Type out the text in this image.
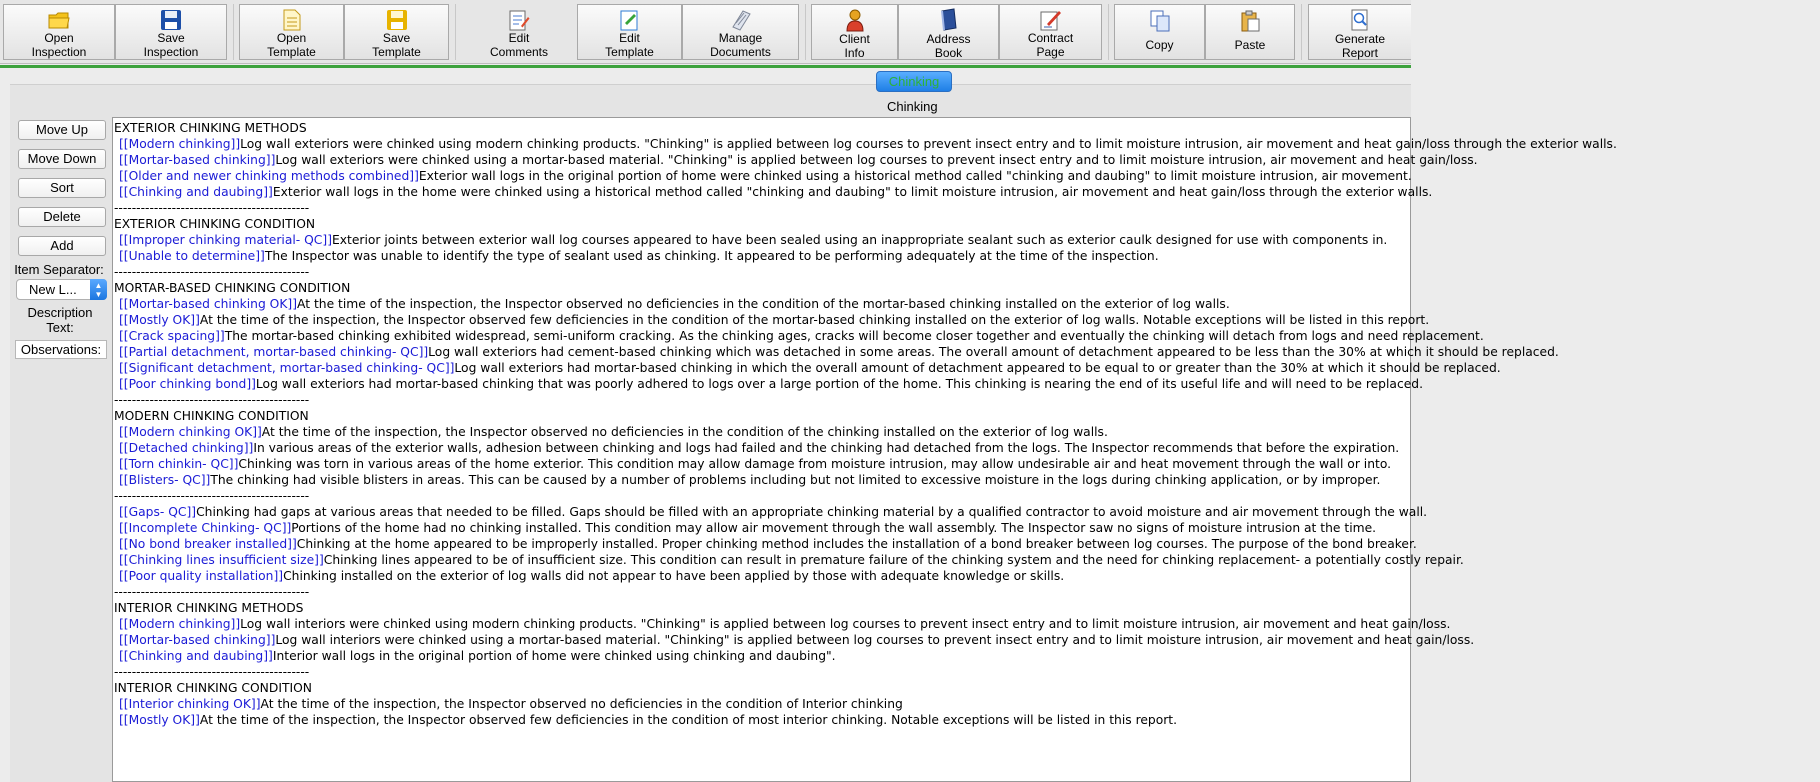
Open
Inspection
Save
Inspection
Open
Template
Save
Template
Edit
Comments
Edit
Template
Manage
Documents
Client
Info
Address
Book
Contract
Page	Copy	Paste	Generate
Report
Chinking
Chinking
Move Up
Move Down
Sort
Delete
Add
Item Separator:
New L...	▲
▼
Description
Text:
Observations:
EXTERIOR CHINKING METHODS
[[Modern chinking]]Log wall exteriors were chinked using modern chinking products. "Chinking" is applied between log courses to prevent insect entry and to limit moisture intrusion, air movement and heat gain/loss through the exterior walls.
[[Mortar-based chinking]]Log wall exteriors were chinked using a mortar-based material. "Chinking" is applied between log courses to prevent insect entry and to limit moisture intrusion, air movement and heat gain/loss.
[[Older and newer chinking methods combined]]Exterior wall logs in the original portion of home were chinked using a historical method called "chinking and daubing" to limit moisture intrusion, air movement.
[[Chinking and daubing]]Exterior wall logs in the home were chinked using a historical method called "chinking and daubing" to limit moisture intrusion, air movement and heat gain/loss through the exterior walls.
--------------------------------------------
EXTERIOR CHINKING CONDITION
[[Improper chinking material- QC]]Exterior joints between exterior wall log courses appeared to have been sealed using an inappropriate sealant such as exterior caulk designed for use with components in.
[[Unable to determine]]The Inspector was unable to identify the type of sealant used as chinking. It appeared to be performing adequately at the time of the inspection.
--------------------------------------------
MORTAR-BASED CHINKING CONDITION
[[Mortar-based chinking OK]]At the time of the inspection, the Inspector observed no deficiencies in the condition of the mortar-based chinking installed on the exterior of log walls.
[[Mostly OK]]At the time of the inspection, the Inspector observed few deficiencies in the condition of the mortar-based chinking installed on the exterior of log walls. Notable exceptions will be listed in this report.
[[Crack spacing]]The mortar-based chinking exhibited widespread, semi-uniform cracking. As the chinking ages, cracks will become closer together and eventually the chinking will detach from logs and need replacement.
[[Partial detachment, mortar-based chinking- QC]]Log wall exteriors had cement-based chinking which was detached in some areas. The overall amount of detachment appeared to be less than the 30% at which it should be replaced.
[[Significant detachment, mortar-based chinking- QC]]Log wall exteriors had mortar-based chinking in which the overall amount of detachment appeared to be equal to or greater than the 30% at which it should be replaced.
[[Poor chinking bond]]Log wall exteriors had mortar-based chinking that was poorly adhered to logs over a large portion of the home. This chinking is nearing the end of its useful life and will need to be replaced.
--------------------------------------------
MODERN CHINKING CONDITION
[[Modern chinking OK]]At the time of the inspection, the Inspector observed no deficiencies in the condition of the chinking installed on the exterior of log walls.
[[Detached chinking]]In various areas of the exterior walls, adhesion between chinking and logs had failed and the chinking had detached from the logs. The Inspector recommends that before the expiration.
[[Torn chinkin- QC]]Chinking was torn in various areas of the home exterior. This condition may allow damage from moisture intrusion, may allow undesirable air and heat movement through the wall or into.
[[Blisters- QC]]The chinking had visible blisters in areas. This can be caused by a number of problems including but not limited to excessive moisture in the logs during chinking application, or by improper.
--------------------------------------------
[[Gaps- QC]]Chinking had gaps at various areas that needed to be filled. Gaps should be filled with an appropriate chinking material by a qualified contractor to avoid moisture and air movement through the wall.
[[Incomplete Chinking- QC]]Portions of the home had no chinking installed. This condition may allow air movement through the wall assembly. The Inspector saw no signs of moisture intrusion at the time.
[[No bond breaker installed]]Chinking at the home appeared to be improperly installed. Proper chinking method includes the installation of a bond breaker between log courses. The purpose of the bond breaker.
[[Chinking lines insufficient size]]Chinking lines appeared to be of insufficient size. This condition can result in premature failure of the chinking system and the need for chinking replacement- a potentially costly repair.
[[Poor quality installation]]Chinking installed on the exterior of log walls did not appear to have been applied by those with adequate knowledge or skills.
--------------------------------------------
INTERIOR CHINKING METHODS
[[Modern chinking]]Log wall interiors were chinked using modern chinking products. "Chinking" is applied between log courses to prevent insect entry and to limit moisture intrusion, air movement and heat gain/loss.
[[Mortar-based chinking]]Log wall interiors were chinked using a mortar-based material. "Chinking" is applied between log courses to prevent insect entry and to limit moisture intrusion, air movement and heat gain/loss.
[[Chinking and daubing]]Interior wall logs in the original portion of home were chinked using chinking and daubing".
--------------------------------------------
INTERIOR CHINKING CONDITION
[[Interior chinking OK]]At the time of the inspection, the Inspector observed no deficiencies in the condition of Interior chinking
[[Mostly OK]]At the time of the inspection, the Inspector observed few deficiencies in the condition of most interior chinking. Notable exceptions will be listed in this report.
